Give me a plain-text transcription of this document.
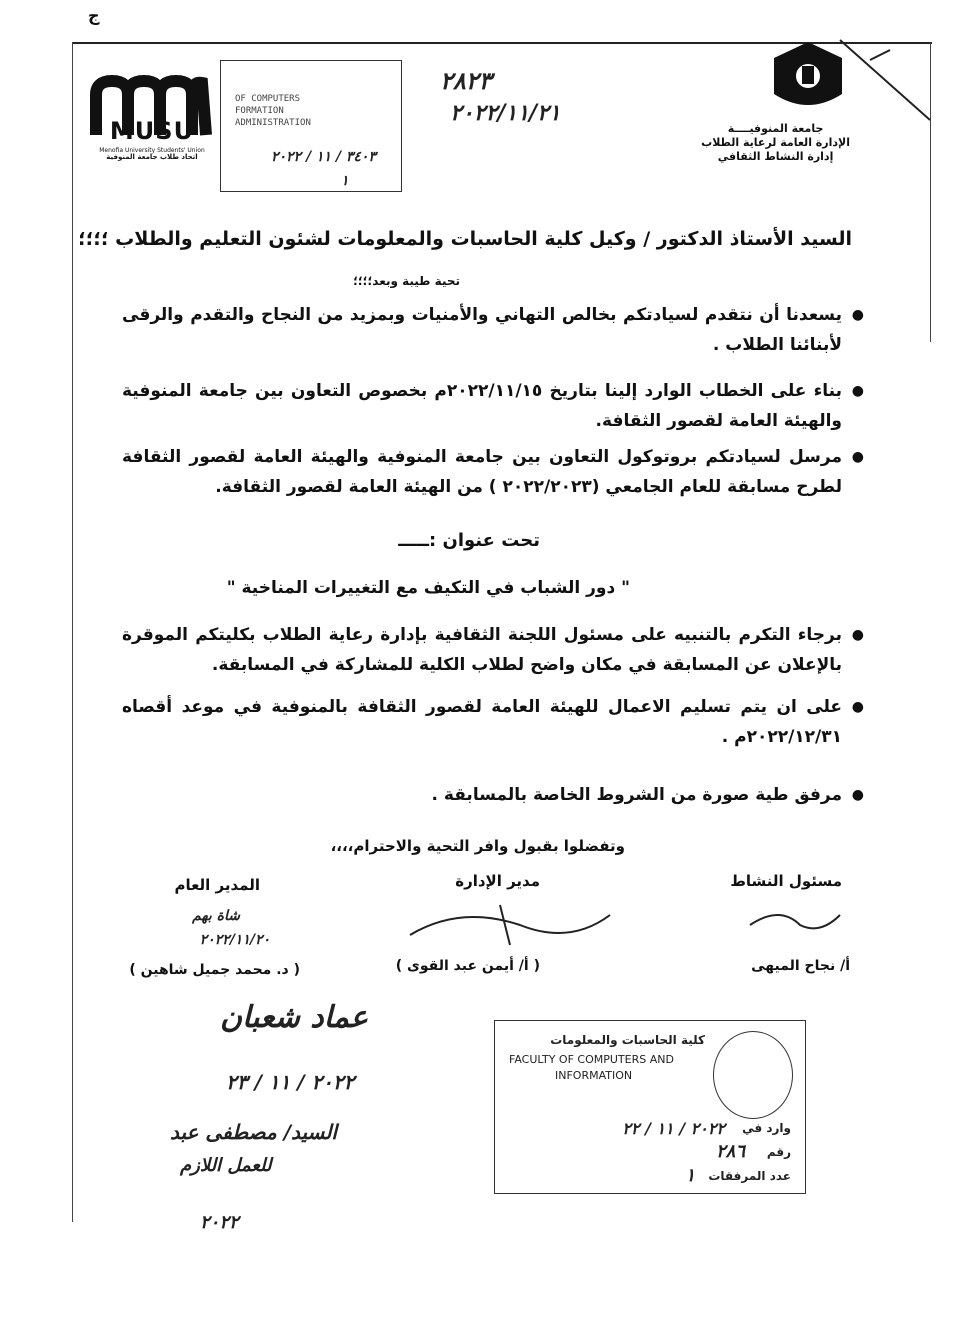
ج
MUSU
Menofia University Students' Union
اتحاد طلاب جامعة المنوفية
جامعة المنوفيــــة
الإدارة العامة لرعاية الطلاب
إدارة النشاط الثقافي
OF COMPUTERS
FORMATION
ADMINISTRATION
٣٤٠٣ / ١١ / ٢٠٢٢
١
٢٨٢٣
٢٠٢٢/١١/٢١
السيد الأستاذ الدكتور / وكيل كلية الحاسبات والمعلومات لشئون التعليم والطلاب ؛؛؛؛
تحية طيبة وبعد؛؛؛؛
●
يسعدنا أن نتقدم لسيادتكم بخالص التهاني والأمنيات وبمزيد من النجاح والتقدم والرقى لأبنائنا الطلاب .
●
بناء على الخطاب الوارد إلينا بتاريخ ٢٠٢٢/١١/١٥م بخصوص التعاون بين جامعة المنوفية والهيئة العامة لقصور الثقافة.
●
مرسل لسيادتكم بروتوكول التعاون بين جامعة المنوفية والهيئة العامة لقصور الثقافة لطرح مسابقة للعام الجامعي (٢٠٢٢/٢٠٢٣ ) من الهيئة العامة لقصور الثقافة.
تحت عنوان :ـــــ
" دور الشباب في التكيف مع التغييرات المناخية "
●
برجاء التكرم بالتنبيه على مسئول اللجنة الثقافية بإدارة رعاية الطلاب بكليتكم الموقرة بالإعلان عن المسابقة في مكان واضح لطلاب الكلية للمشاركة في المسابقة.
●
على ان يتم تسليم الاعمال للهيئة العامة لقصور الثقافة بالمنوفية في موعد أقصاه ٢٠٢٢/١٢/٣١م .
●
مرفق طية صورة من الشروط الخاصة بالمسابقة .
وتفضلوا بقبول وافر التحية والاحترام،،،،
مسئول النشاط
أ/ نجاح الميهى
مدير الإدارة
( أ/ أيمن عبد القوى )
المدير العام
شاة بهم
٢٠٢٢/١١/٢٠
( د. محمد جميل شاهين )
عماد شعبان
٢٠٢٢ / ١١ / ٢٣
السيد/ مصطفى عبد
للعمل اللازم
٢٠٢٢
كلية الحاسبات والمعلومات
FACULTY OF COMPUTERS AND
INFORMATION
وارد في
٢٠٢٢ / ١١ / ٢٢
رقم
٢٨٦
عدد المرفقات
١
